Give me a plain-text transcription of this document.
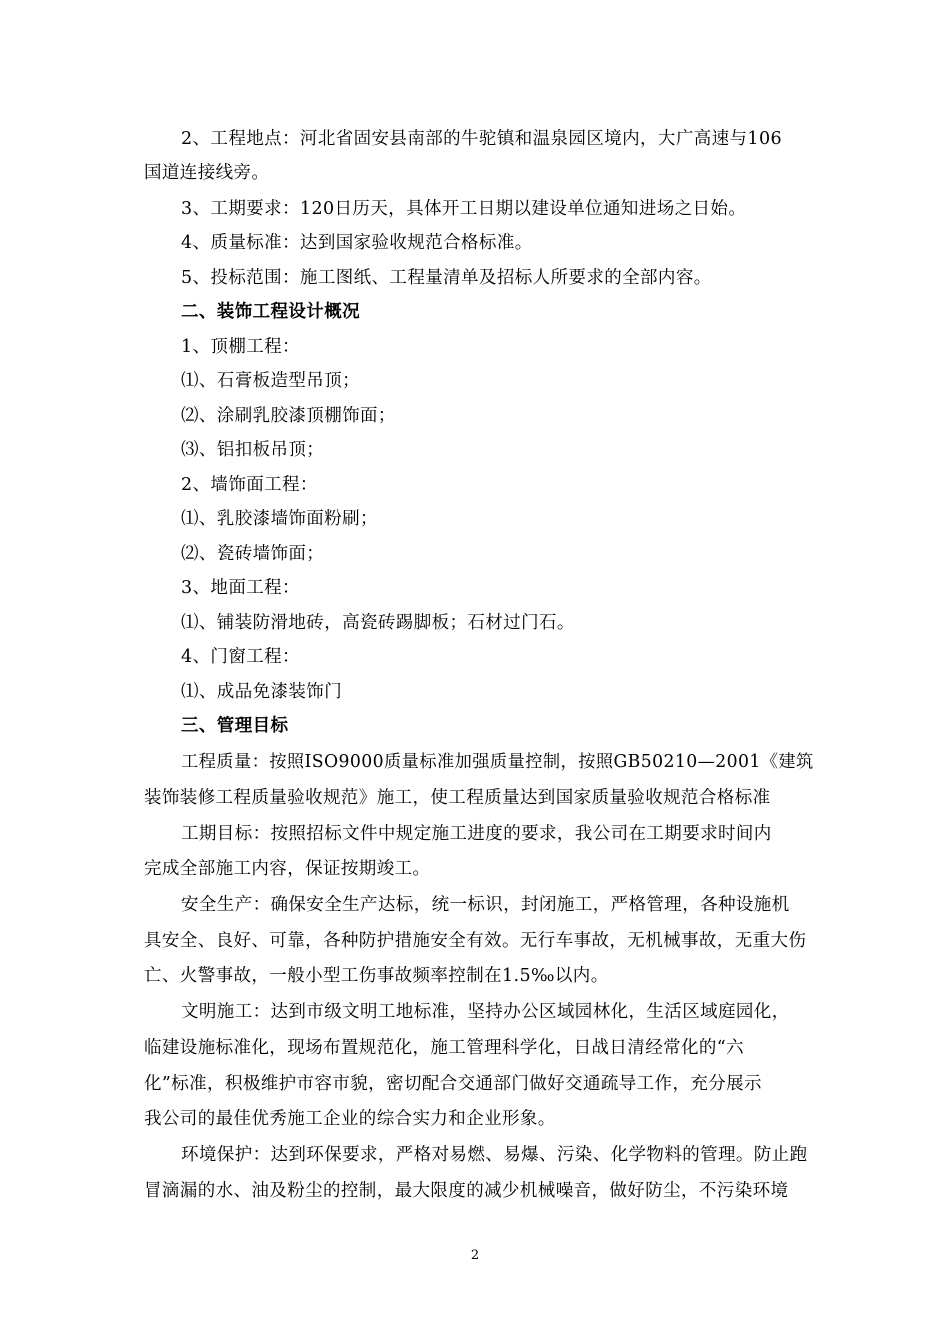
2、工程地点：河北省固安县南部的牛驼镇和温泉园区境内，大广高速与106
国道连接线旁。
3、工期要求：120日历天，具体开工日期以建设单位通知进场之日始。
4、质量标准：达到国家验收规范合格标准。
5、投标范围：施工图纸、工程量清单及招标人所要求的全部内容。
二、装饰工程设计概况
1、顶棚工程：
⑴、石膏板造型吊顶；
⑵、涂刷乳胶漆顶棚饰面；
⑶、铝扣板吊顶；
2、墙饰面工程：
⑴、乳胶漆墙饰面粉刷；
⑵、瓷砖墙饰面；
3、地面工程：
⑴、铺装防滑地砖，高瓷砖踢脚板；石材过门石。
4、门窗工程：
⑴、成品免漆装饰门
三、管理目标
工程质量：按照ISO9000质量标准加强质量控制，按照GB50210—2001《建筑
装饰装修工程质量验收规范》施工，使工程质量达到国家质量验收规范合格标准
工期目标：按照招标文件中规定施工进度的要求，我公司在工期要求时间内
完成全部施工内容，保证按期竣工。
安全生产：确保安全生产达标，统一标识，封闭施工，严格管理，各种设施机
具安全、良好、可靠，各种防护措施安全有效。无行车事故，无机械事故，无重大伤
亡、火警事故，一般小型工伤事故频率控制在1.5‰以内。
文明施工：达到市级文明工地标准，坚持办公区域园林化，生活区域庭园化，
临建设施标准化，现场布置规范化，施工管理科学化，日战日清经常化的“六
化”标准，积极维护市容市貌，密切配合交通部门做好交通疏导工作，充分展示
我公司的最佳优秀施工企业的综合实力和企业形象。
环境保护：达到环保要求，严格对易燃、易爆、污染、化学物料的管理。防止跑
冒滴漏的水、油及粉尘的控制，最大限度的减少机械噪音，做好防尘，不污染环境
2
